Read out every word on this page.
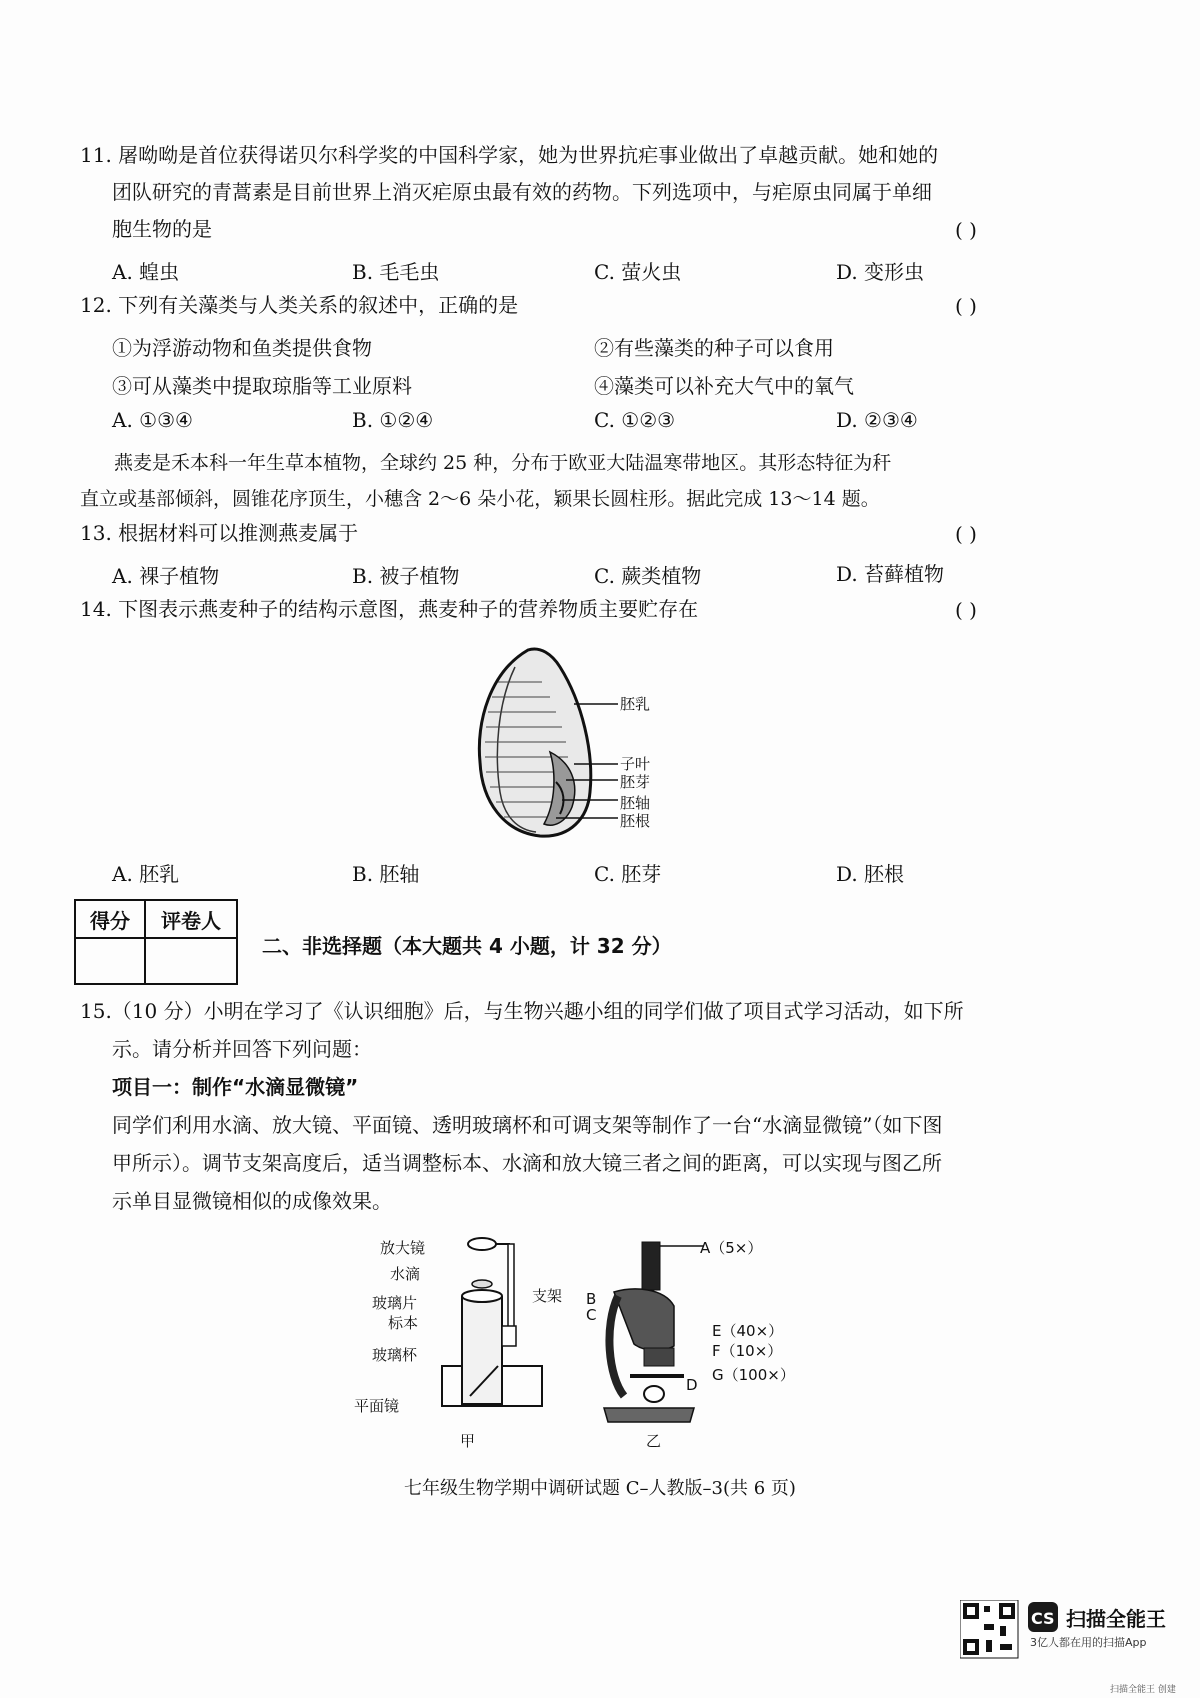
11. 屠呦呦是首位获得诺贝尔科学奖的中国科学家，她为世界抗疟事业做出了卓越贡献。她和她的
团队研究的青蒿素是目前世界上消灭疟原虫最有效的药物。下列选项中，与疟原虫同属于单细
胞生物的是	( )
A. 蝗虫	B. 毛毛虫	C. 萤火虫	D. 变形虫
12. 下列有关藻类与人类关系的叙述中，正确的是	( )
①为浮游动物和鱼类提供食物	②有些藻类的种子可以食用
③可从藻类中提取琼脂等工业原料	④藻类可以补充大气中的氧气
A. ①③④	B. ①②④	C. ①②③	D. ②③④
燕麦是禾本科一年生草本植物，全球约 25 种，分布于欧亚大陆温寒带地区。其形态特征为秆
直立或基部倾斜，圆锥花序顶生，小穗含 2～6 朵小花，颖果长圆柱形。据此完成 13～14 题。
13. 根据材料可以推测燕麦属于	( )
A. 裸子植物	B. 被子植物	C. 蕨类植物	D. 苔藓植物
14. 下图表示燕麦种子的结构示意图，燕麦种子的营养物质主要贮存在	( )
胚乳
子叶
胚芽
胚轴
胚根
A. 胚乳	B. 胚轴	C. 胚芽	D. 胚根
得分	评卷人

二、非选择题（本大题共 4 小题，计 32 分）
15.（10 分）小明在学习了《认识细胞》后，与生物兴趣小组的同学们做了项目式学习活动，如下所
示。请分析并回答下列问题：
项目一：制作“水滴显微镜”
同学们利用水滴、放大镜、平面镜、透明玻璃杯和可调支架等制作了一台“水滴显微镜”（如下图
甲所示）。调节支架高度后，适当调整标本、水滴和放大镜三者之间的距离，可以实现与图乙所
示单目显微镜相似的成像效果。
放大镜
水滴
玻璃片
标本
玻璃杯
平面镜
支架
甲
A（5×）
B
C
E（40×）
F（10×）
G（100×）
D
乙
七年级生物学期中调研试题 C–人教版–3(共 6 页)
CS 扫描全能王
3亿人都在用的扫描App
扫描全能王 创建
